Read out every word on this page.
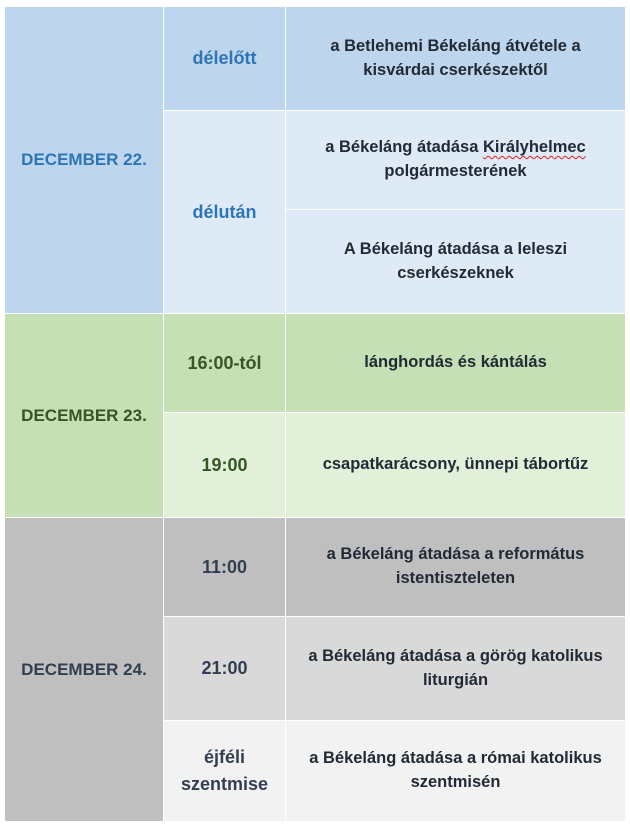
DECEMBER 22.	délelőtt	a Betlehemi Békeláng átvétele a kisvárdai cserkészektől
	délután	a Békeláng átadása Királyhelmec polgármesterének
		A Békeláng átadása a leleszi cserkészeknek
DECEMBER 23.	16:00-tól	lánghordás és kántálás
	19:00	csapatkarácsony, ünnepi tábortűz
DECEMBER 24.	11:00	a Békeláng átadása a református istentiszteleten
	21:00	a Békeláng átadása a görög katolikus liturgián
	éjféli szentmise	a Békeláng átadása a római katolikus szentmisén
